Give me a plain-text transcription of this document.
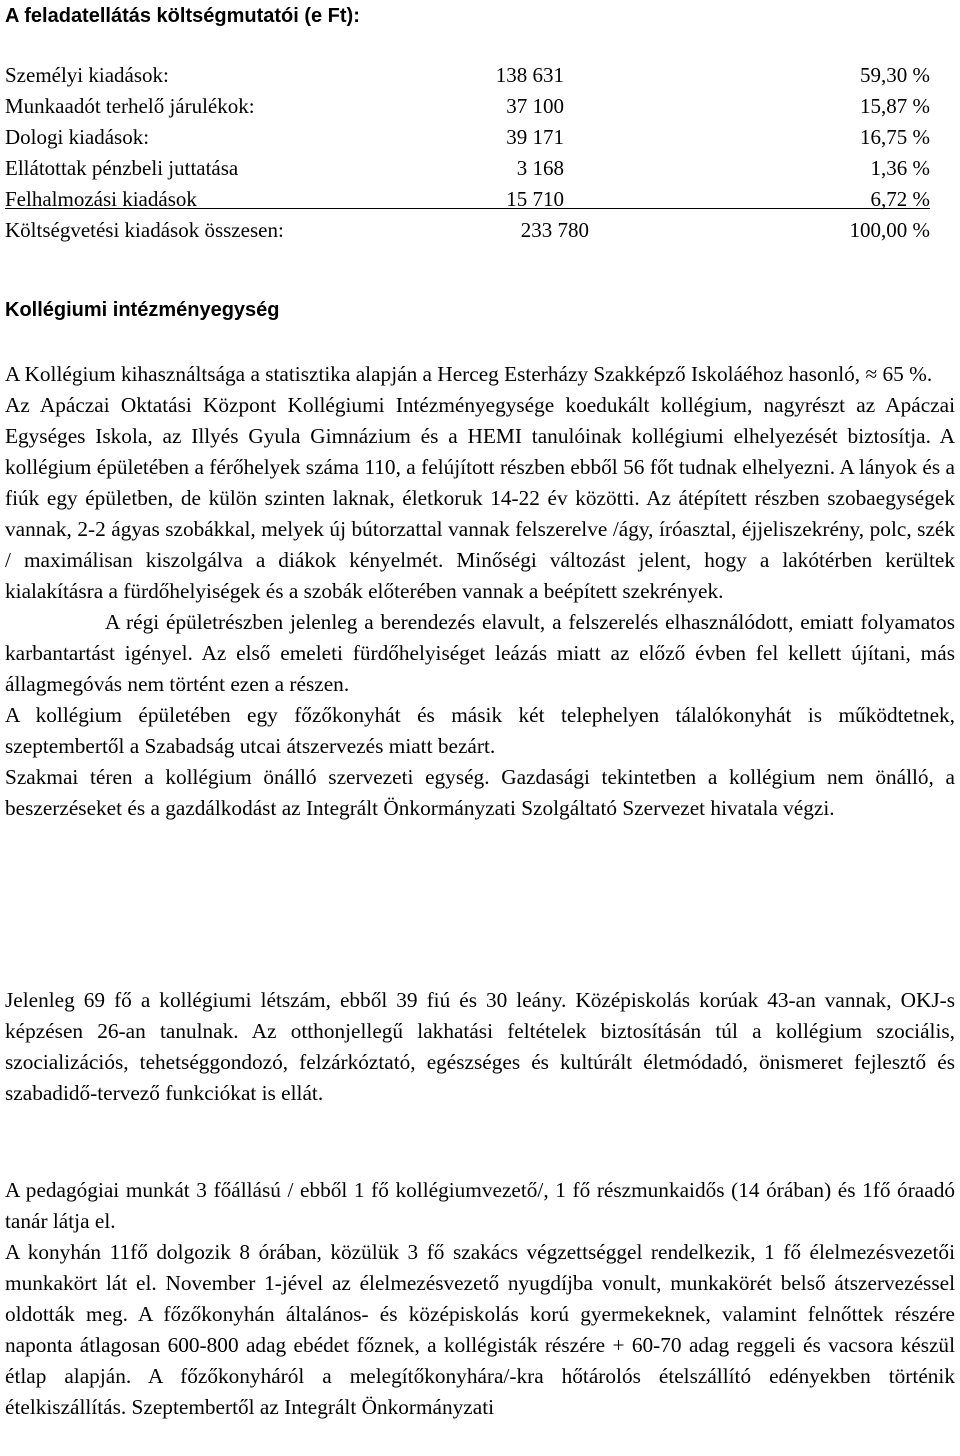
A feladatellátás költségmutatói (e Ft):
Személyi kiadások:	138 631	59,30 %
Munkaadót terhelő járulékok:	37 100	15,87 %
Dologi kiadások:	39 171	16,75 %
Ellátottak pénzbeli juttatása	3 168	1,36 %
Felhalmozási kiadások	15 710	6,72 %
Költségvetési kiadások összesen:	233 780	100,00 %
Kollégiumi intézményegység

A Kollégium kihasználtsága a statisztika alapján a Herceg Esterházy Szakképző Iskoláéhoz hasonló, ≈ 65 %.

Az Apáczai Oktatási Központ Kollégiumi Intézményegysége koedukált kollégium, nagyrészt az Apáczai Egységes Iskola, az Illyés Gyula Gimnázium és a HEMI tanulóinak kollégiumi elhelyezését biztosítja. A kollégium épületében a férőhelyek száma 110, a felújított részben ebből 56 főt tudnak elhelyezni. A lányok és a fiúk egy épületben, de külön szinten laknak, életkoruk 14-22 év közötti. Az átépített részben szobaegységek vannak, 2-2 ágyas szobákkal, melyek új bútorzattal vannak felszerelve /ágy, íróasztal, éjjeliszekrény, polc, szék / maximálisan kiszolgálva a diákok kényelmét. Minőségi változást jelent, hogy a lakótérben kerültek kialakításra a fürdőhelyiségek és a szobák előterében vannak a beépített szekrények.

A régi épületrészben jelenleg a berendezés elavult, a felszerelés elhasználódott, emiatt folyamatos karbantartást igényel. Az első emeleti fürdőhelyiséget leázás miatt az előző évben fel kellett újítani, más állagmegóvás nem történt ezen a részen.

A kollégium épületében egy főzőkonyhát és másik két telephelyen tálalókonyhát is működtetnek, szeptembertől a Szabadság utcai átszervezés miatt bezárt.

Szakmai téren a kollégium önálló szervezeti egység. Gazdasági tekintetben a kollégium nem önálló, a beszerzéseket és a gazdálkodást az Integrált Önkormányzati Szolgáltató Szervezet hivatala végzi.

Jelenleg 69 fő a kollégiumi létszám, ebből 39 fiú és 30 leány. Középiskolás korúak 43-an vannak, OKJ-s képzésen 26-an tanulnak. Az otthonjellegű lakhatási feltételek biztosításán túl a kollégium szociális, szocializációs, tehetséggondozó, felzárkóztató, egészséges és kultúrált életmódadó, önismeret fejlesztő és szabadidő-tervező funkciókat is ellát.

A pedagógiai munkát 3 főállású / ebből 1 fő kollégiumvezető/, 1 fő részmunkaidős (14 órában) és 1fő óraadó tanár látja el.

A konyhán 11fő dolgozik 8 órában, közülük 3 fő szakács végzettséggel rendelkezik, 1 fő élelmezésvezetői munkakört lát el. November 1-jével az élelmezésvezető nyugdíjba vonult, munkakörét belső átszervezéssel oldották meg. A főzőkonyhán általános- és középiskolás korú gyermekeknek, valamint felnőttek részére naponta átlagosan 600-800 adag ebédet főznek, a kollégisták részére + 60-70 adag reggeli és vacsora készül étlap alapján. A főzőkonyháról a melegítőkonyhára/-kra hőtárolós ételszállító edényekben történik ételkiszállítás. Szeptembertől az Integrált Önkormányzati
